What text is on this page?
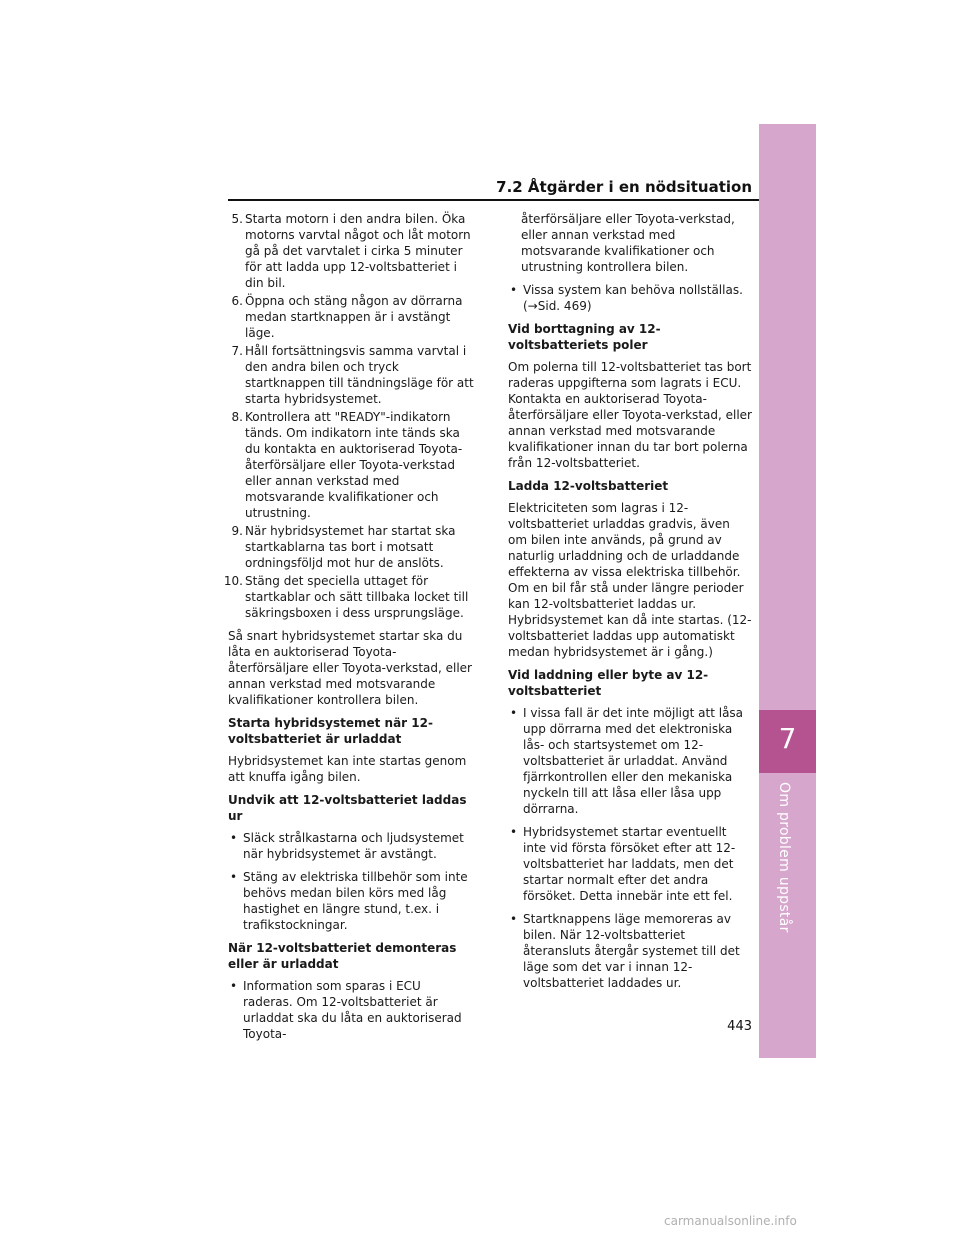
7.2 Åtgärder i en nödsituation
7
Om problem uppstår
5. Starta motorn i den andra bilen. Öka motorns varvtal något och låt motorn gå på det varvtalet i cirka 5 minuter för att ladda upp 12-voltsbatteriet i din bil.
6. Öppna och stäng någon av dörrarna medan startknappen är i avstängt läge.
7. Håll fortsättningsvis samma varvtal i den andra bilen och tryck startknappen till tändningsläge för att starta hybridsystemet.
8. Kontrollera att "READY"-indikatorn tänds. Om indikatorn inte tänds ska du kontakta en auktoriserad Toyota-återförsäljare eller Toyota-verkstad eller annan verkstad med motsvarande kvalifikationer och utrustning.
9. När hybridsystemet har startat ska startkablarna tas bort i motsatt ordningsföljd mot hur de anslöts.
10. Stäng det speciella uttaget för startkablar och sätt tillbaka locket till säkringsboxen i dess ursprungsläge.

Så snart hybridsystemet startar ska du låta en auktoriserad Toyota-återförsäljare eller Toyota-verkstad, eller annan verkstad med motsvarande kvalifikationer kontrollera bilen.

Starta hybridsystemet när 12-voltsbatteriet är urladdat

Hybridsystemet kan inte startas genom att knuffa igång bilen.

Undvik att 12-voltsbatteriet laddas ur

• Släck strålkastarna och ljudsystemet när hybridsystemet är avstängt.
• Stäng av elektriska tillbehör som inte behövs medan bilen körs med låg hastighet en längre stund, t.ex. i trafikstockningar.

När 12-voltsbatteriet demonteras eller är urladdat

• Information som sparas i ECU raderas. Om 12-voltsbatteriet är urladdat ska du låta en auktoriserad Toyota-
återförsäljare eller Toyota-verkstad, eller annan verkstad med motsvarande kvalifikationer och utrustning kontrollera bilen.
• Vissa system kan behöva nollställas. (→Sid. 469)

Vid borttagning av 12-voltsbatteriets poler

Om polerna till 12-voltsbatteriet tas bort raderas uppgifterna som lagrats i ECU. Kontakta en auktoriserad Toyota-återförsäljare eller Toyota-verkstad, eller annan verkstad med motsvarande kvalifikationer innan du tar bort polerna från 12-voltsbatteriet.

Ladda 12-voltsbatteriet

Elektriciteten som lagras i 12-voltsbatteriet urladdas gradvis, även om bilen inte används, på grund av naturlig urladdning och de urladdande effekterna av vissa elektriska tillbehör. Om en bil får stå under längre perioder kan 12-voltsbatteriet laddas ur. Hybridsystemet kan då inte startas. (12-voltsbatteriet laddas upp automatiskt medan hybridsystemet är i gång.)

Vid laddning eller byte av 12-voltsbatteriet

• I vissa fall är det inte möjligt att låsa upp dörrarna med det elektroniska lås- och startsystemet om 12-voltsbatteriet är urladdat. Använd fjärrkontrollen eller den mekaniska nyckeln till att låsa eller låsa upp dörrarna.
• Hybridsystemet startar eventuellt inte vid första försöket efter att 12-voltsbatteriet har laddats, men det startar normalt efter det andra försöket. Detta innebär inte ett fel.
• Startknappens läge memoreras av bilen. När 12-voltsbatteriet återansluts återgår systemet till det läge som det var i innan 12-voltsbatteriet laddades ur.
443
carmanualsonline.info
